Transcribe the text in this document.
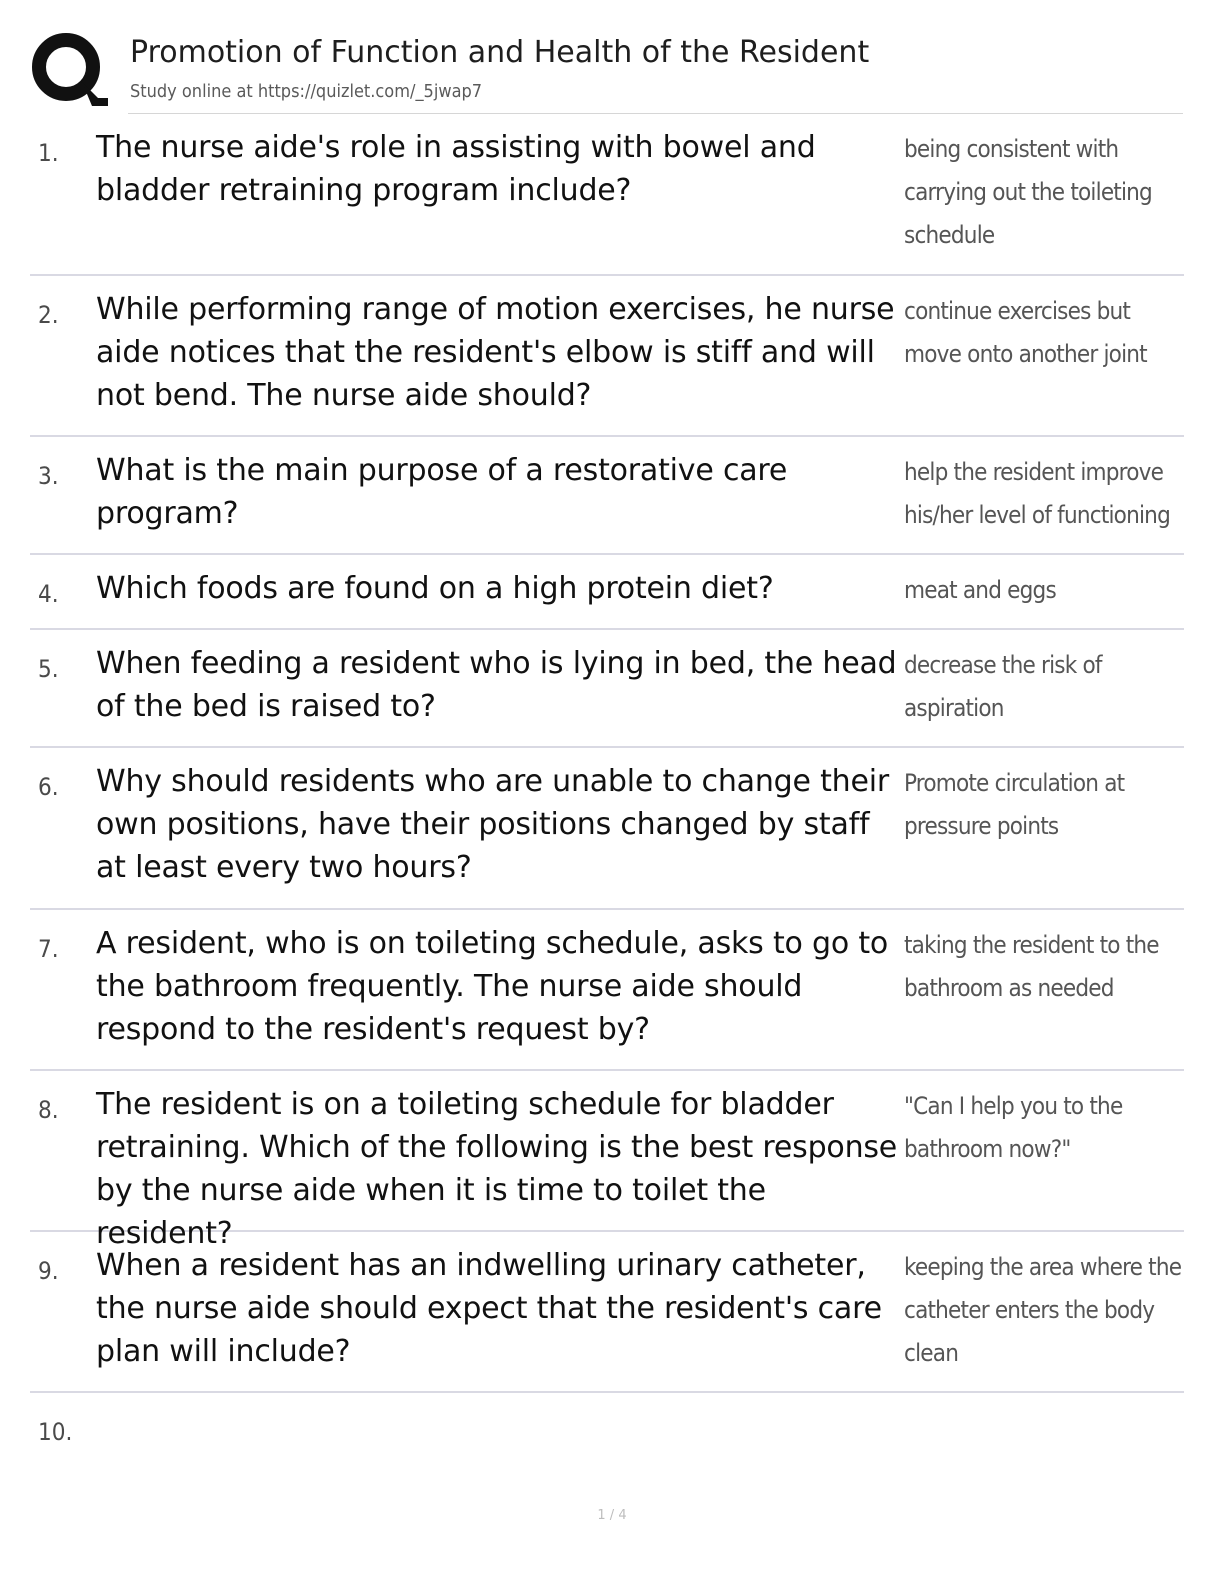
Promotion of Function and Health of the Resident
Study online at https://quizlet.com/_5jwap7
1. The nurse aide's role in assisting with bowel and bladder retraining program include?
being consistent with carrying out the toileting schedule
2. While performing range of motion exercises, he nurse aide notices that the resident's elbow is stiff and will not bend. The nurse aide should?
continue exercises but move onto another joint
3. What is the main purpose of a restorative care program?
help the resident improve his/her level of functioning
4. Which foods are found on a high protein diet?	meat and eggs
5. When feeding a resident who is lying in bed, the head of the bed is raised to?
decrease the risk of aspiration
6. Why should residents who are unable to change their own positions, have their positions changed by staff at least every two hours?
Promote circulation at pressure points
7. A resident, who is on toileting schedule, asks to go to the bathroom frequently. The nurse aide should respond to the resident's request by?
taking the resident to the bathroom as needed
8. The resident is on a toileting schedule for bladder retraining. Which of the following is the best response by the nurse aide when it is time to toilet the resident?
"Can I help you to the bathroom now?"
9. When a resident has an indwelling urinary catheter, the nurse aide should expect that the resident's care plan will include?
keeping the area where the catheter enters the body clean
10.
1 / 4
